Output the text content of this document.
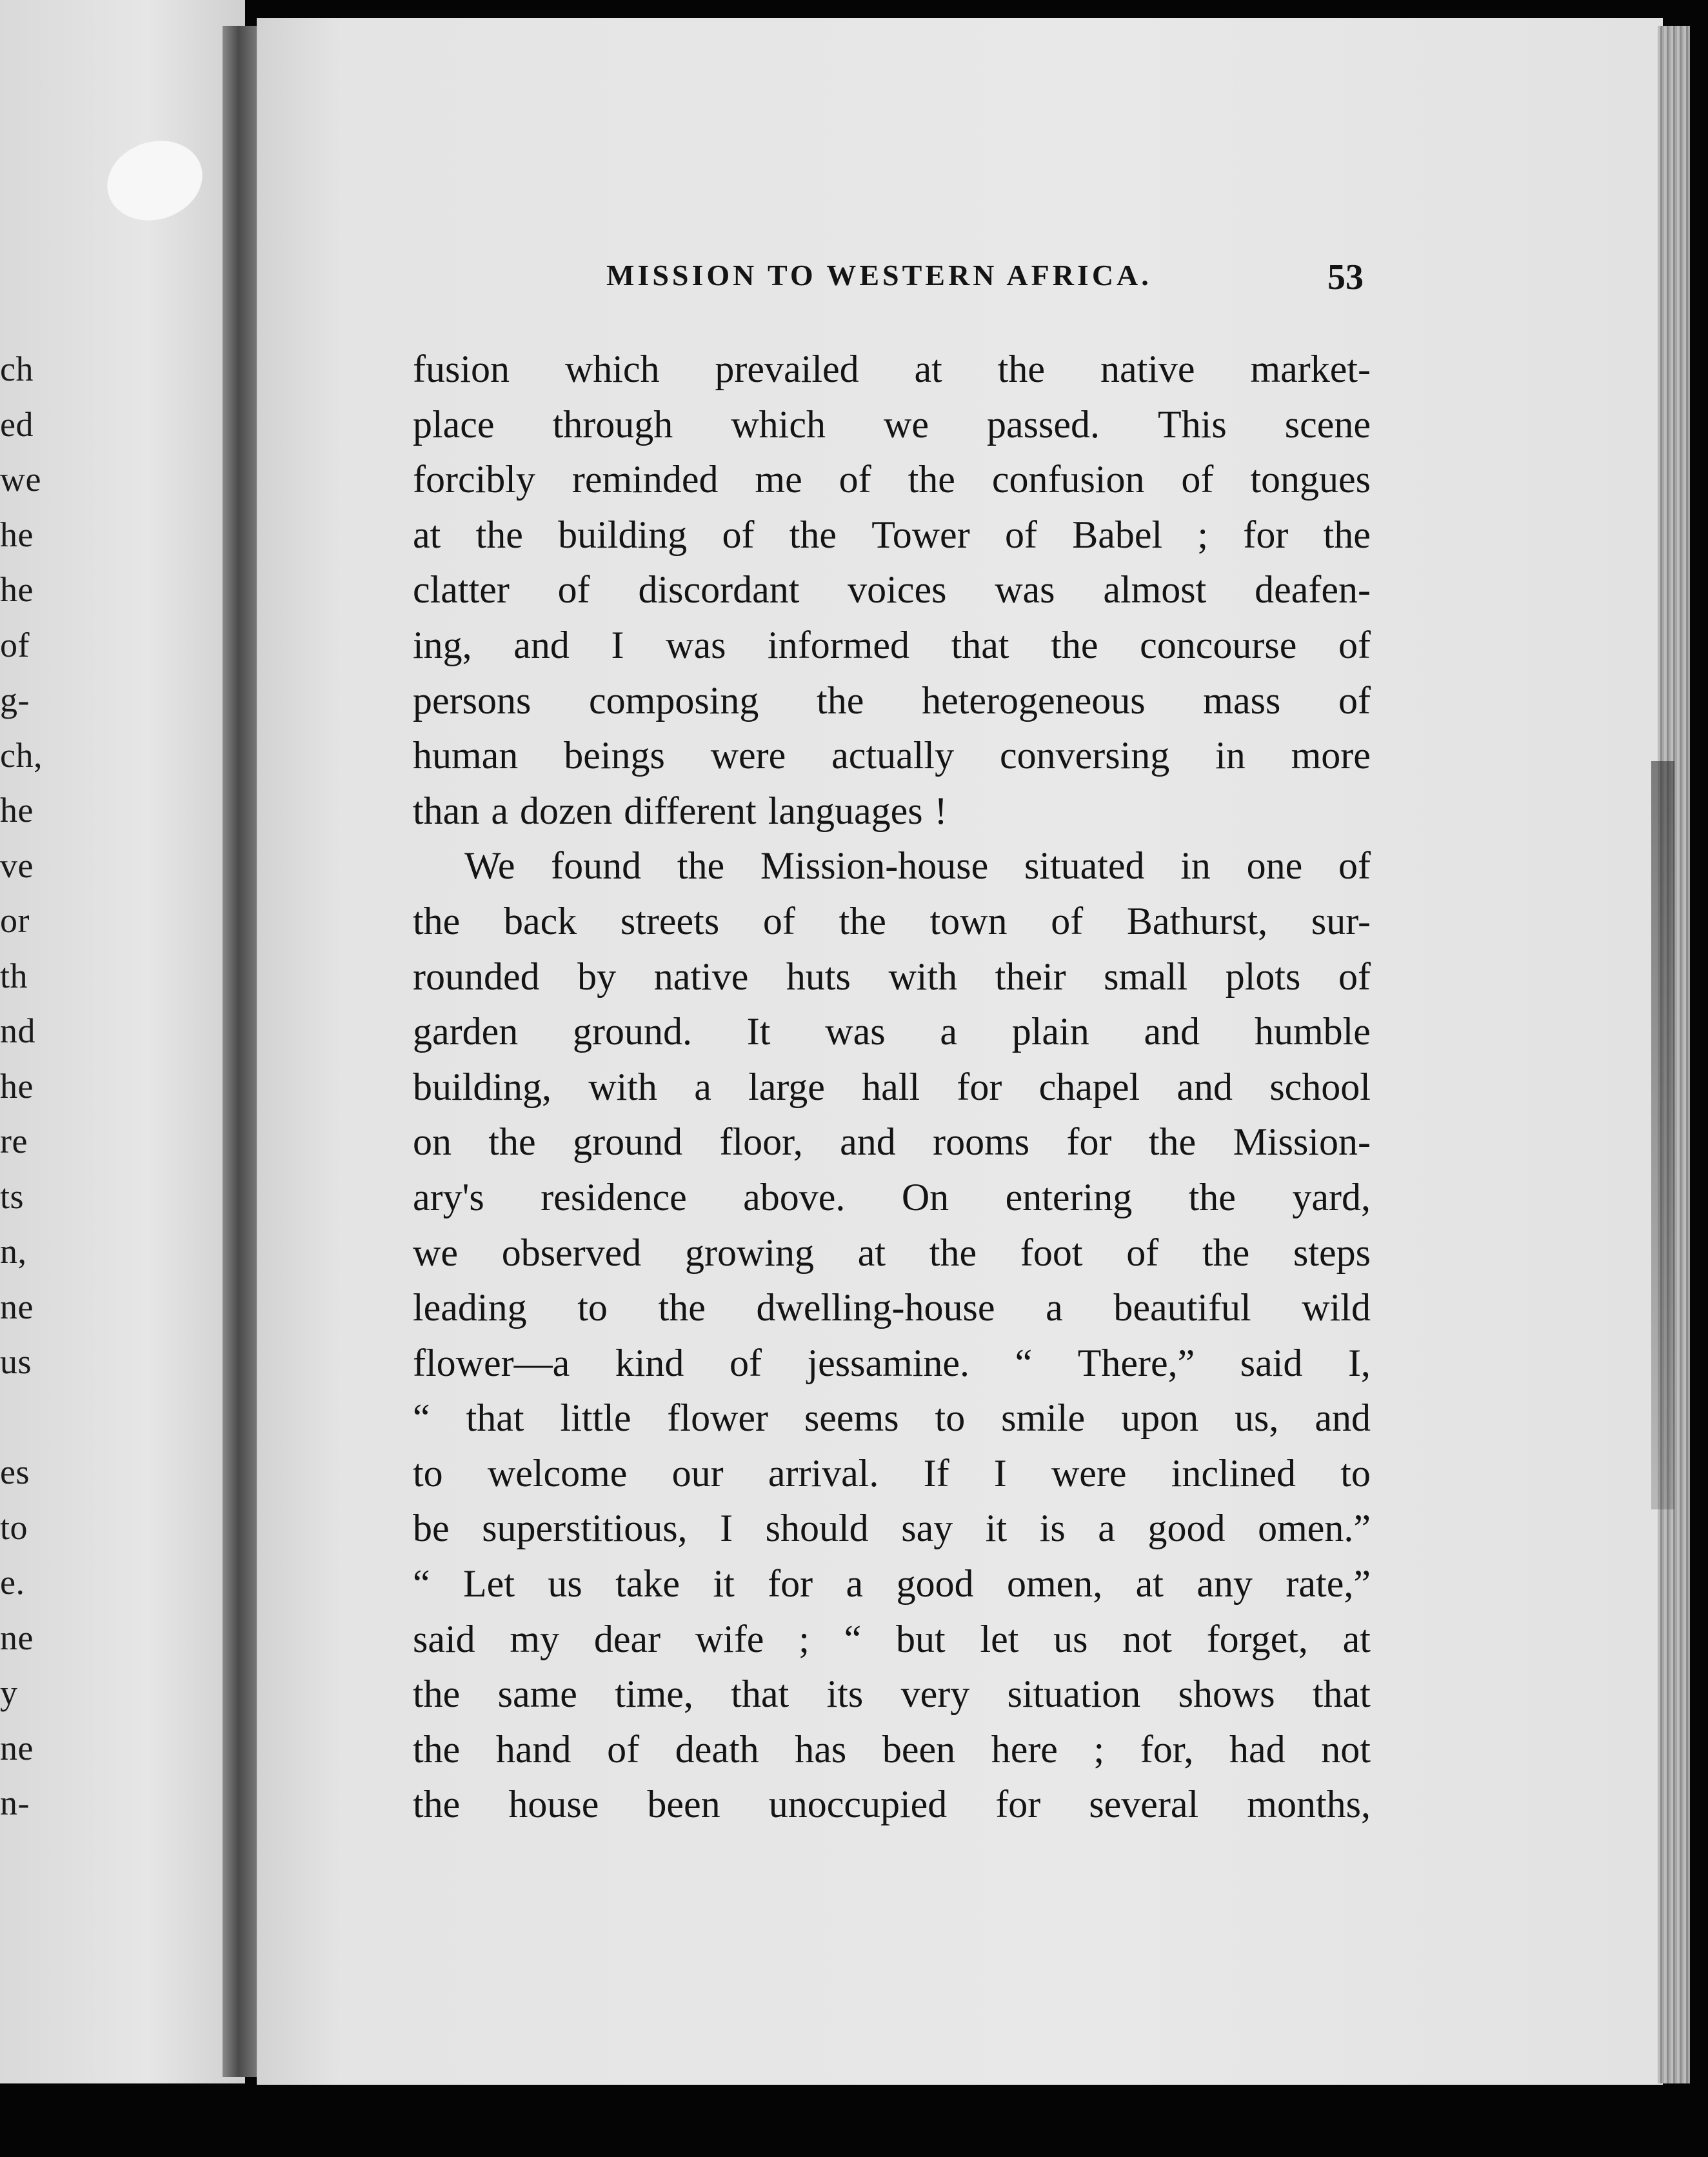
ch
ed
we
he
he
of
g-
ch,
he
ve
or
th
nd
he
re
ts
n,
ne
us
es
to
e.
ne
y
ne
n-
MISSION TO WESTERN AFRICA.	53
fusion which prevailed at the native market-
place through which we passed. This scene
forcibly reminded me of the confusion of tongues
at the building of the Tower of Babel ; for the
clatter of discordant voices was almost deafen-
ing, and I was informed that the concourse of
persons composing the heterogeneous mass of
human beings were actually conversing in more
than a dozen different languages !
We found the Mission-house situated in one of
the back streets of the town of Bathurst, sur-
rounded by native huts with their small plots of
garden ground. It was a plain and humble
building, with a large hall for chapel and school
on the ground floor, and rooms for the Mission-
ary's residence above. On entering the yard,
we observed growing at the foot of the steps
leading to the dwelling-house a beautiful wild
flower—a kind of jessamine. “ There,” said I,
“ that little flower seems to smile upon us, and
to welcome our arrival. If I were inclined to
be superstitious, I should say it is a good omen.”
“ Let us take it for a good omen, at any rate,”
said my dear wife ; “ but let us not forget, at
the same time, that its very situation shows that
the hand of death has been here ; for, had not
the house been unoccupied for several months,
